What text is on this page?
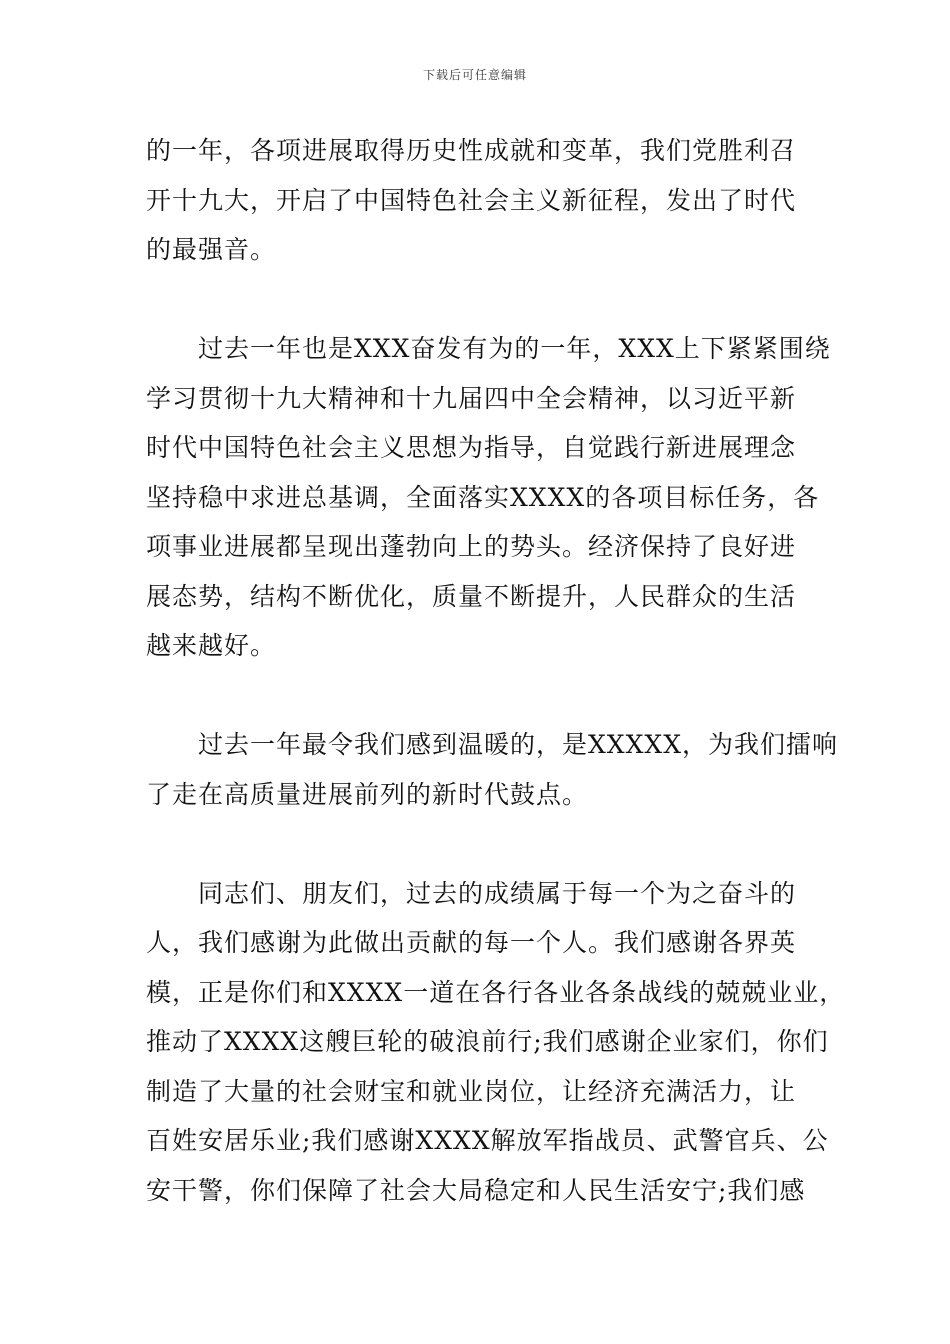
下载后可任意编辑
的一年，各项进展取得历史性成就和变革，我们党胜利召
开十九大，开启了中国特色社会主义新征程，发出了时代
的最强音。
过去一年也是XXX奋发有为的一年，XXX上下紧紧围绕
学习贯彻十九大精神和十九届四中全会精神，以习近平新
时代中国特色社会主义思想为指导，自觉践行新进展理念
坚持稳中求进总基调，全面落实XXXX的各项目标任务，各
项事业进展都呈现出蓬勃向上的势头。经济保持了良好进
展态势，结构不断优化，质量不断提升，人民群众的生活
越来越好。
过去一年最令我们感到温暖的，是XXXXX，为我们擂响
了走在高质量进展前列的新时代鼓点。
同志们、朋友们，过去的成绩属于每一个为之奋斗的
人，我们感谢为此做出贡献的每一个人。我们感谢各界英
模，正是你们和XXXX一道在各行各业各条战线的兢兢业业，
推动了XXXX这艘巨轮的破浪前行;我们感谢企业家们，你们
制造了大量的社会财宝和就业岗位，让经济充满活力，让
百姓安居乐业;我们感谢XXXX解放军指战员、武警官兵、公
安干警，你们保障了社会大局稳定和人民生活安宁;我们感
